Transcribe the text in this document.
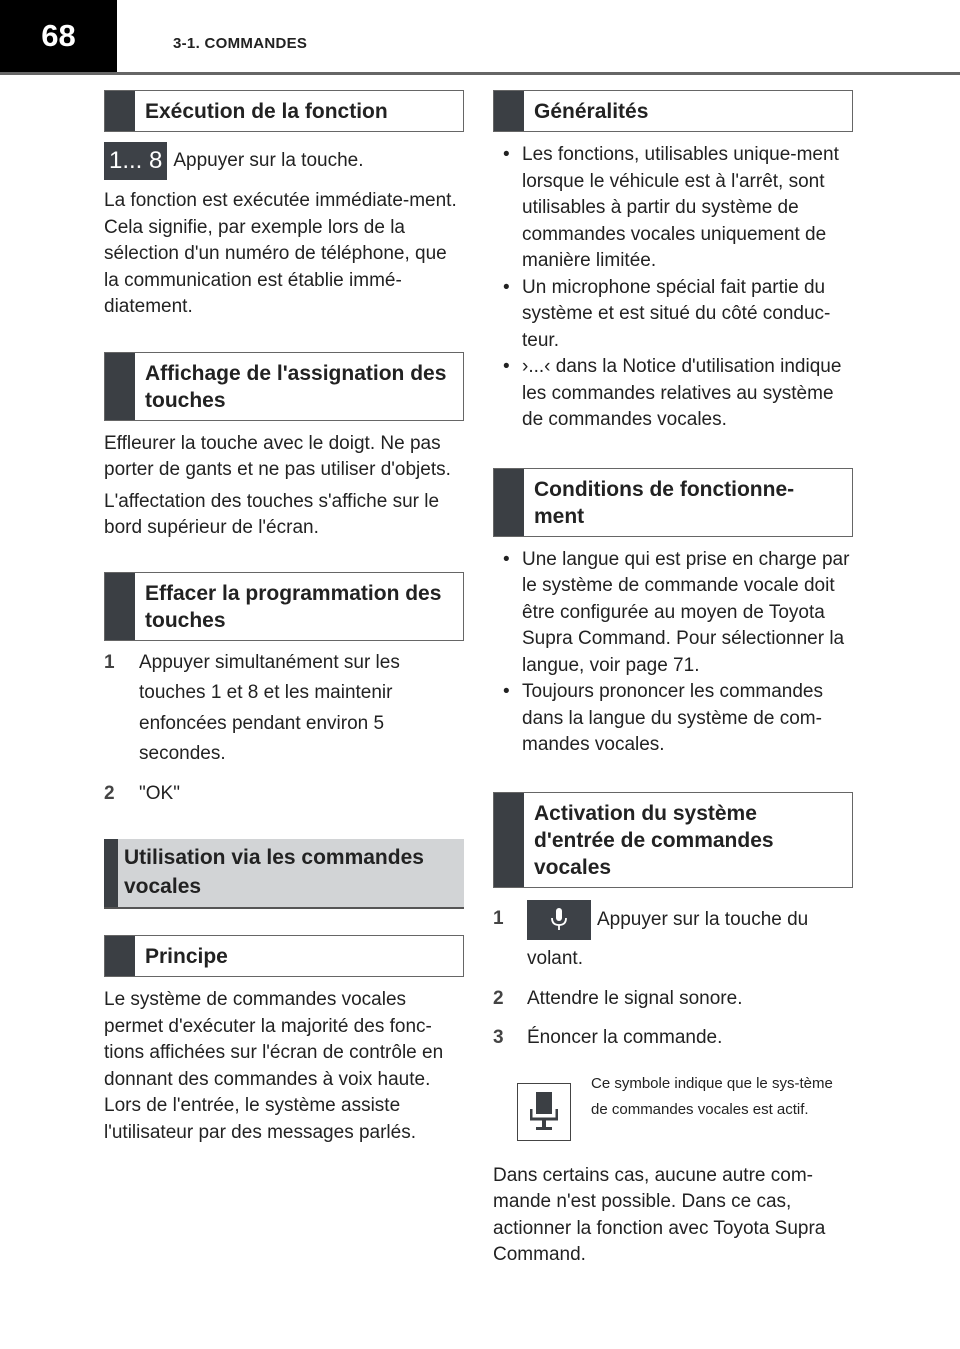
68	3-1. COMMANDES
Exécution de la fonction
1... 8 Appuyer sur la touche.

La fonction est exécutée immédiate-ment. Cela signifie, par exemple lors de la sélection d'un numéro de téléphone, que la communication est établie immé-diatement.

Affichage de l'assignation des touches

Effleurer la touche avec le doigt. Ne pas porter de gants et ne pas utiliser d'objets.

L'affectation des touches s'affiche sur le bord supérieur de l'écran.

Effacer la programmation des touches
1 Appuyer simultanément sur les touches 1 et 8 et les maintenir enfoncées pendant environ 5 secondes.
2 "OK"
Utilisation via les commandes vocales
Principe

Le système de commandes vocales permet d'exécuter la majorité des fonc-tions affichées sur l'écran de contrôle en donnant des commandes à voix haute. Lors de l'entrée, le système assiste l'utilisateur par des messages parlés.

Généralités
• Les fonctions, utilisables unique-ment lorsque le véhicule est à l'arrêt, sont utilisables à partir du système de commandes vocales uniquement de manière limitée.
• Un microphone spécial fait partie du système et est situé du côté conduc-teur.
• ›...‹ dans la Notice d'utilisation indique les commandes relatives au système de commandes vocales.
Conditions de fonctionne-ment
• Une langue qui est prise en charge par le système de commande vocale doit être configurée au moyen de Toyota Supra Command. Pour sélectionner la langue, voir page 71.
• Toujours prononcer les commandes dans la langue du système de com-mandes vocales.
Activation du système d'entrée de commandes vocales
1	Appuyer sur la touche du volant.
2 Attendre le signal sonore.
3 Énoncer la commande.
Ce symbole indique que le sys-tème de commandes vocales est actif.

Dans certains cas, aucune autre com-mande n'est possible. Dans ce cas, actionner la fonction avec Toyota Supra Command.
